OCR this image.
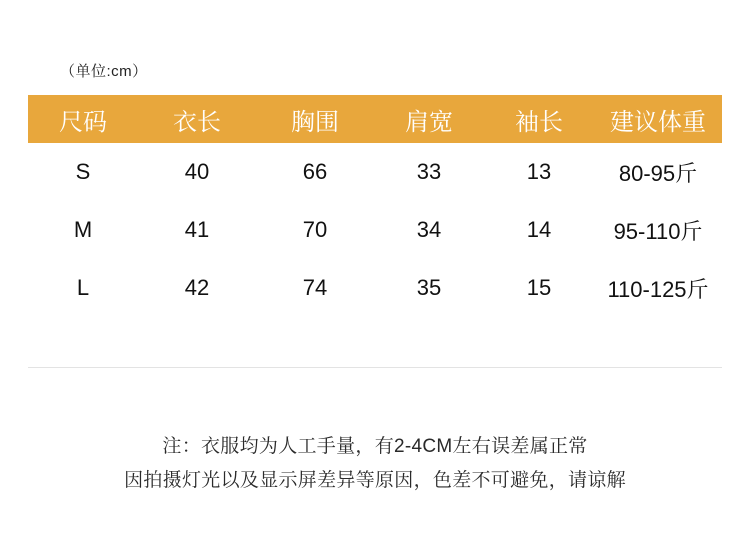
（单位:cm）
尺码	衣长	胸围	肩宽	袖长	建议体重
S	40	66	33	13	80-95斤
M	41	70	34	14	95-110斤
L	42	74	35	15	110-125斤
注：衣服均为人工手量，有2-4CM左右误差属正常
因拍摄灯光以及显示屏差异等原因，色差不可避免，请谅解
